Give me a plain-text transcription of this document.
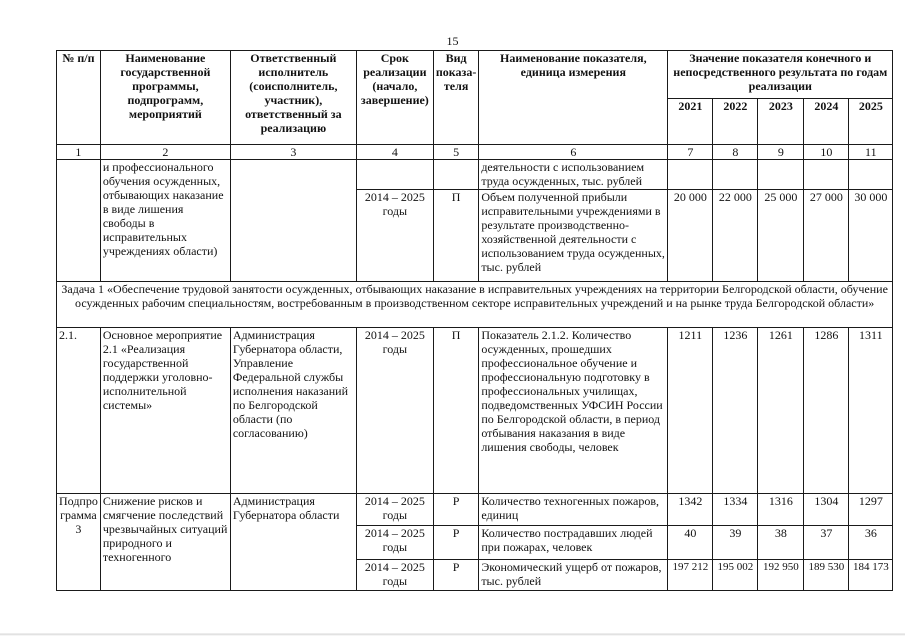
15
№ п/п	Наименование государственной программы, подпрограмм, мероприятий	Ответственный исполнитель (соисполнитель, участник), ответственный за реализацию	Срок реализации (начало, завершение)	Вид показа-теля	Наименование показателя, единица измерения	Значение показателя конечного и непосредственного результата по годам реализации				
						2021	2022	2023	2024	2025
1	2	3	4	5	6	7	8	9	10	11
	и профессионального обучения осужденных, отбывающих наказание в виде лишения свободы в исправительных учреждениях области)				деятельности с использованием труда осужденных, тыс. рублей					
			2014 – 2025 годы	П	Объем полученной прибыли исправительными учреждениями в результате производственно-хозяйственной деятельности с использованием труда осужденных, тыс. рублей	20 000	22 000	25 000	27 000	30 000
Задача 1 «Обеспечение трудовой занятости осужденных, отбывающих наказание в исправительных учреждениях на территории Белгородской области, обучение осужденных рабочим специальностям, востребованным в производственном секторе исправительных учреждений и на рынке труда Белгородской области»										
2.1.	Основное мероприятие 2.1 «Реализация государственной поддержки уголовно-исполнительной системы»	Администрация Губернатора области, Управление Федеральной службы исполнения наказаний по Белгородской области (по согласованию)	2014 – 2025 годы	П	Показатель 2.1.2. Количество осужденных, прошедших профессиональное обучение и профессиональную подготовку в профессиональных училищах, подведомственных УФСИН России по Белгородской области, в период отбывания наказания в виде лишения свободы, человек	1211	1236	1261	1286	1311
Подпро грамма 3	Снижение рисков и смягчение последствий чрезвычайных ситуаций природного и техногенного	Администрация Губернатора области	2014 – 2025 годы	Р	Количество техногенных пожаров, единиц	1342	1334	1316	1304	1297
			2014 – 2025 годы	Р	Количество пострадавших людей при пожарах, человек	40	39	38	37	36
			2014 – 2025 годы	Р	Экономический ущерб от пожаров, тыс. рублей	197 212	195 002	192 950	189 530	184 173
